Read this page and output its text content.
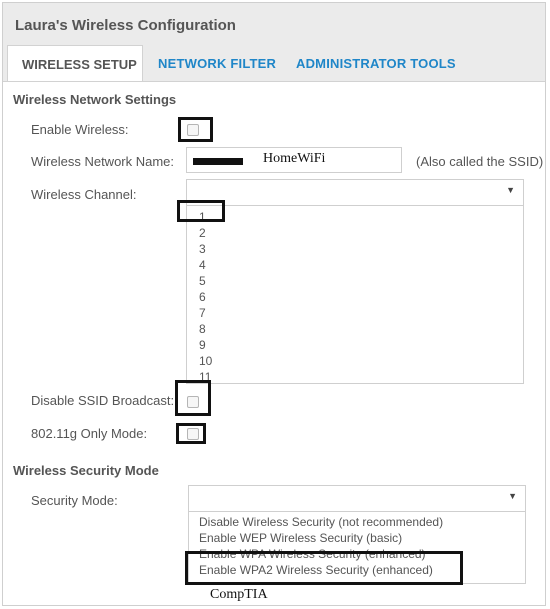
Laura's Wireless Configuration
WIRELESS SETUP NETWORK FILTER ADMINISTRATOR TOOLS
Wireless Network Settings
Enable Wireless:
Wireless Network Name:	HomeWiFi	(Also called the SSID)
Wireless Channel:	▼
1
2
3
4
5
6
7
8
9
10
11
Disable SSID Broadcast:
802.11g Only Mode:
Wireless Security Mode
Security Mode:	▼
Disable Wireless Security (not recommended)
Enable WEP Wireless Security (basic)
Enable WPA Wireless Security (enhanced)
Enable WPA2 Wireless Security (enhanced)
CompTIA
